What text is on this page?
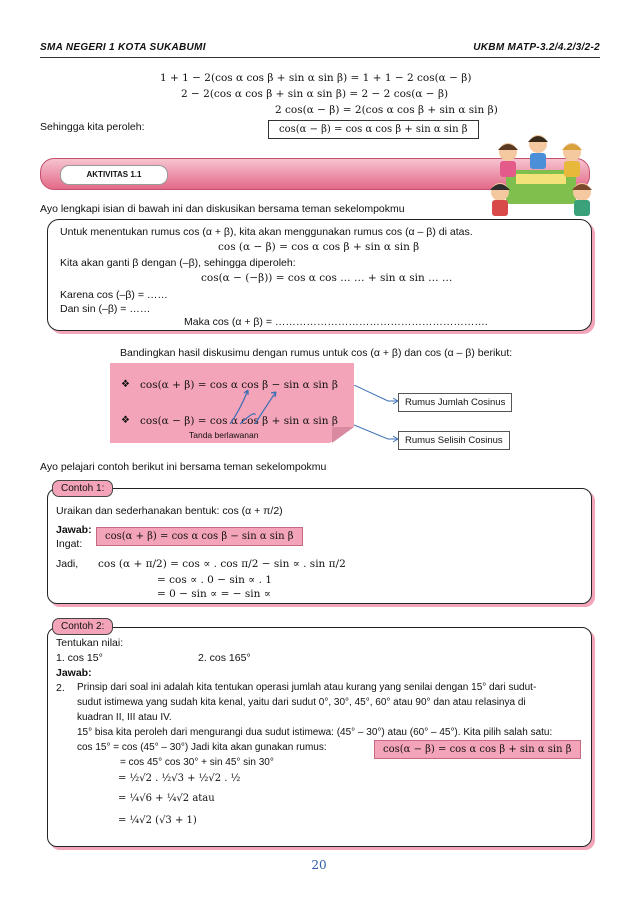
SMA NEGERI 1 KOTA SUKABUMI	UKBM MATP-3.2/4.2/3/2-2
1 + 1 − 2(cos α cos β + sin α sin β) = 1 + 1 − 2 cos(α − β)
2 − 2(cos α cos β + sin α sin β) = 2 − 2 cos(α − β)
2 cos(α − β) = 2(cos α cos β + sin α sin β)
Sehingga kita peroleh:	cos(α − β) = cos α cos β + sin α sin β
AKTIVITAS 1.1
Ayo lengkapi isian di bawah ini dan diskusikan bersama teman sekelompokmu
Untuk menentukan rumus cos (α + β), kita akan menggunakan rumus cos (α – β) di atas.
cos (α − β) = cos α cos β + sin α sin β
Kita akan ganti β dengan (–β), sehingga diperoleh:
cos(α − (−β)) = cos α cos … … + sin α sin … …
Karena cos (–β) = ……
Dan sin (–β) = ……
Maka cos (α + β) = …………………………………………………….
Bandingkan hasil diskusimu dengan rumus untuk cos (α + β) dan cos (α – β) berikut:
❖ cos(α + β) = cos α cos β − sin α sin β
❖ cos(α − β) = cos α cos β + sin α sin β
Tanda berlawanan
Rumus Jumlah Cosinus
Rumus Selisih Cosinus
Ayo pelajari contoh berikut ini bersama teman sekelompokmu
Contoh 1:
Uraikan dan sederhanakan bentuk: cos (α + π/2)
Jawab:
Ingat:
cos(α + β) = cos α cos β − sin α sin β
Jadi, cos (α + π/2) = cos ∝ . cos π/2 − sin ∝ . sin π/2
= cos ∝ . 0 − sin ∝ . 1
= 0 − sin ∝ = − sin ∝
Contoh 2:
Tentukan nilai:
1. cos 15°	2. cos 165°
Jawab:
2. Prinsip dari soal ini adalah kita tentukan operasi jumlah atau kurang yang senilai dengan 15° dari sudut-
sudut istimewa yang sudah kita kenal, yaitu dari sudut 0°, 30°, 45°, 60° atau 90° dan atau relasinya di
kuadran II, III atau IV.
15° bisa kita peroleh dari mengurangi dua sudut istimewa: (45° – 30°) atau (60° – 45°). Kita pilih salah satu:
cos 15° = cos (45° – 30°) Jadi kita akan gunakan rumus:	cos(α − β) = cos α cos β + sin α sin β
= cos 45° cos 30° + sin 45° sin 30°
= ½√2 . ½√3 + ½√2 . ½
= ¼√6 + ¼√2 atau
= ¼√2 (√3 + 1)
20
